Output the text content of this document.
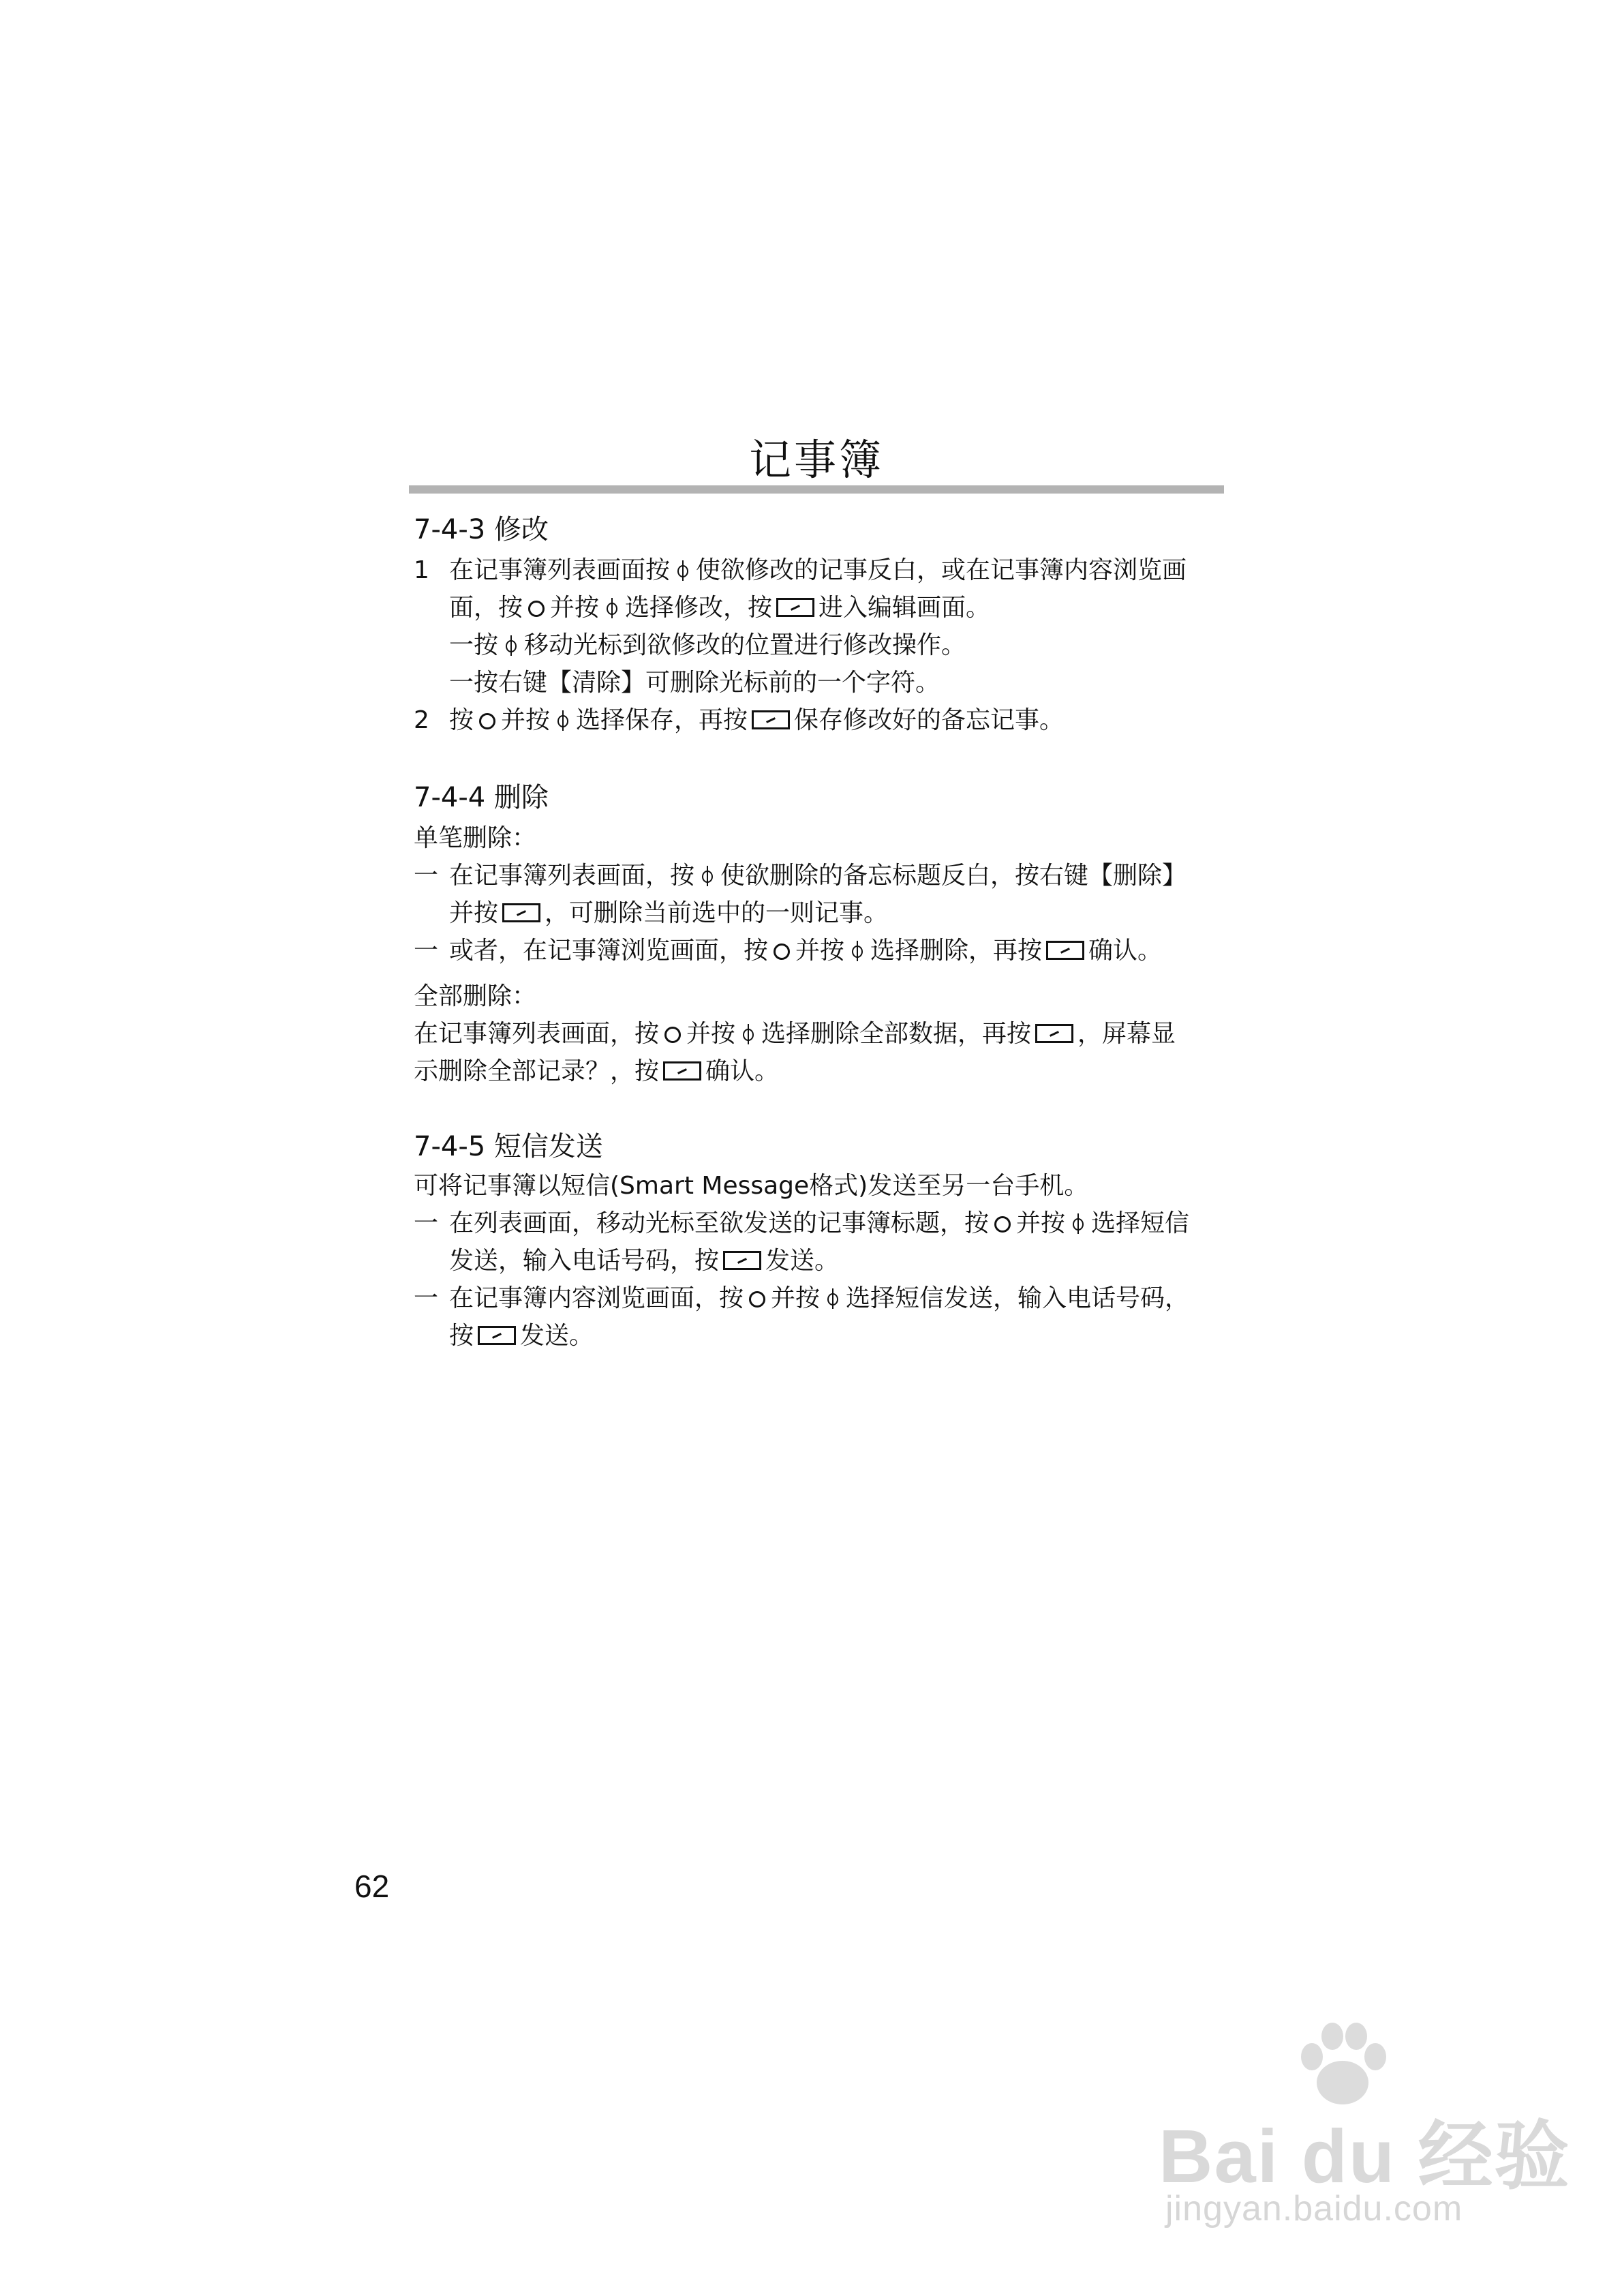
记事簿
7-4-3 修改
1 在记事簿列表画面按 使欲修改的记事反白，或在记事簿内容浏览画
面，按 并按 选择修改，按 进入编辑画面。
一按 移动光标到欲修改的位置进行修改操作。
一按右键【清除】可删除光标前的一个字符。
2 按 并按 选择保存，再按 保存修改好的备忘记事。
7-4-4 删除
单笔删除：
一 在记事簿列表画面，按 使欲删除的备忘标题反白，按右键【删除】
并按 ，可删除当前选中的一则记事。
一 或者，在记事簿浏览画面，按 并按 选择删除，再按 确认。
全部删除：
在记事簿列表画面，按 并按 选择删除全部数据，再按 ，屏幕显
示删除全部记录？，按 确认。
7-4-5 短信发送
可将记事簿以短信(Smart Message格式)发送至另一台手机。
一 在列表画面，移动光标至欲发送的记事簿标题，按 并按 选择短信
发送，输入电话号码，按 发送。
一 在记事簿内容浏览画面，按 并按 选择短信发送，输入电话号码，
按 发送。
62
Bai du 经验
jingyan.baidu.com
